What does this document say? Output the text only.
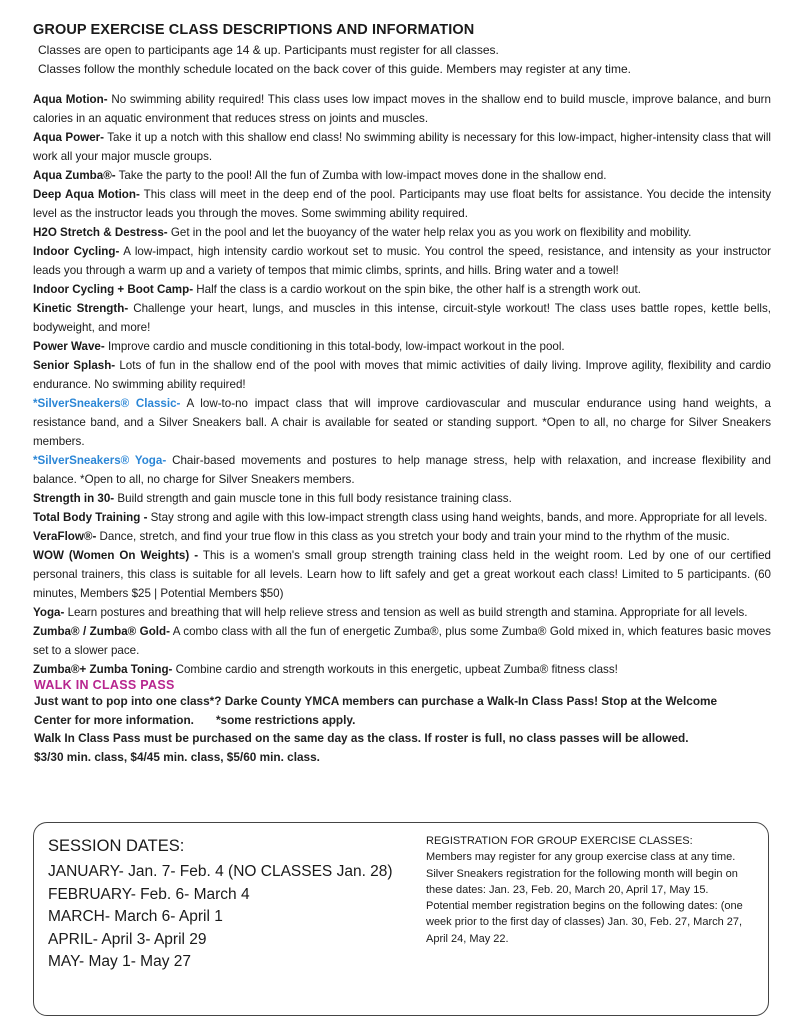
GROUP EXERCISE CLASS DESCRIPTIONS AND INFORMATION
Classes are open to participants age 14 & up. Participants must register for all classes.
Classes follow the monthly schedule located on the back cover of this guide. Members may register at any time.
Aqua Motion- No swimming ability required! This class uses low impact moves in the shallow end to build muscle, improve balance, and burn calories in an aquatic environment that reduces stress on joints and muscles.
Aqua Power- Take it up a notch with this shallow end class! No swimming ability is necessary for this low-impact, higher-intensity class that will work all your major muscle groups.
Aqua Zumba®- Take the party to the pool! All the fun of Zumba with low-impact moves done in the shallow end.
Deep Aqua Motion- This class will meet in the deep end of the pool. Participants may use float belts for assistance. You decide the intensity level as the instructor leads you through the moves. Some swimming ability required.
H2O Stretch & Destress- Get in the pool and let the buoyancy of the water help relax you as you work on flexibility and mobility.
Indoor Cycling- A low-impact, high intensity cardio workout set to music. You control the speed, resistance, and intensity as your instructor leads you through a warm up and a variety of tempos that mimic climbs, sprints, and hills. Bring water and a towel!
Indoor Cycling + Boot Camp- Half the class is a cardio workout on the spin bike, the other half is a strength work out.
Kinetic Strength- Challenge your heart, lungs, and muscles in this intense, circuit-style workout! The class uses battle ropes, kettle bells, bodyweight, and more!
Power Wave- Improve cardio and muscle conditioning in this total-body, low-impact workout in the pool.
Senior Splash- Lots of fun in the shallow end of the pool with moves that mimic activities of daily living. Improve agility, flexibility and cardio endurance. No swimming ability required!
*SilverSneakers® Classic- A low-to-no impact class that will improve cardiovascular and muscular endurance using hand weights, a resistance band, and a Silver Sneakers ball. A chair is available for seated or standing support. *Open to all, no charge for Silver Sneakers members.
*SilverSneakers® Yoga- Chair-based movements and postures to help manage stress, help with relaxation, and increase flexibility and balance. *Open to all, no charge for Silver Sneakers members.
Strength in 30- Build strength and gain muscle tone in this full body resistance training class.
Total Body Training - Stay strong and agile with this low-impact strength class using hand weights, bands, and more. Appropriate for all levels.
VeraFlow®- Dance, stretch, and find your true flow in this class as you stretch your body and train your mind to the rhythm of the music.
WOW (Women On Weights) - This is a women's small group strength training class held in the weight room. Led by one of our certified personal trainers, this class is suitable for all levels. Learn how to lift safely and get a great workout each class! Limited to 5 participants. (60 minutes, Members $25 | Potential Members $50)
Yoga- Learn postures and breathing that will help relieve stress and tension as well as build strength and stamina. Appropriate for all levels.
Zumba® / Zumba® Gold- A combo class with all the fun of energetic Zumba®, plus some Zumba® Gold mixed in, which features basic moves set to a slower pace.
Zumba®+ Zumba Toning- Combine cardio and strength workouts in this energetic, upbeat Zumba® fitness class!
WALK IN CLASS PASS
Just want to pop into one class*? Darke County YMCA members can purchase a Walk-In Class Pass! Stop at the Welcome
Center for more information. *some restrictions apply.
Walk In Class Pass must be purchased on the same day as the class. If roster is full, no class passes will be allowed.
$3/30 min. class, $4/45 min. class, $5/60 min. class.
SESSION DATES:
JANUARY- Jan. 7- Feb. 4 (NO CLASSES Jan. 28)
FEBRUARY- Feb. 6- March 4
MARCH- March 6- April 1
APRIL- April 3- April 29
MAY- May 1- May 27
REGISTRATION FOR GROUP EXERCISE CLASSES:
Members may register for any group exercise class at any time.
Silver Sneakers registration for the following month will begin on these dates: Jan. 23, Feb. 20, March 20, April 17, May 15.
Potential member registration begins on the following dates: (one week prior to the first day of classes) Jan. 30, Feb. 27, March 27, April 24, May 22.
